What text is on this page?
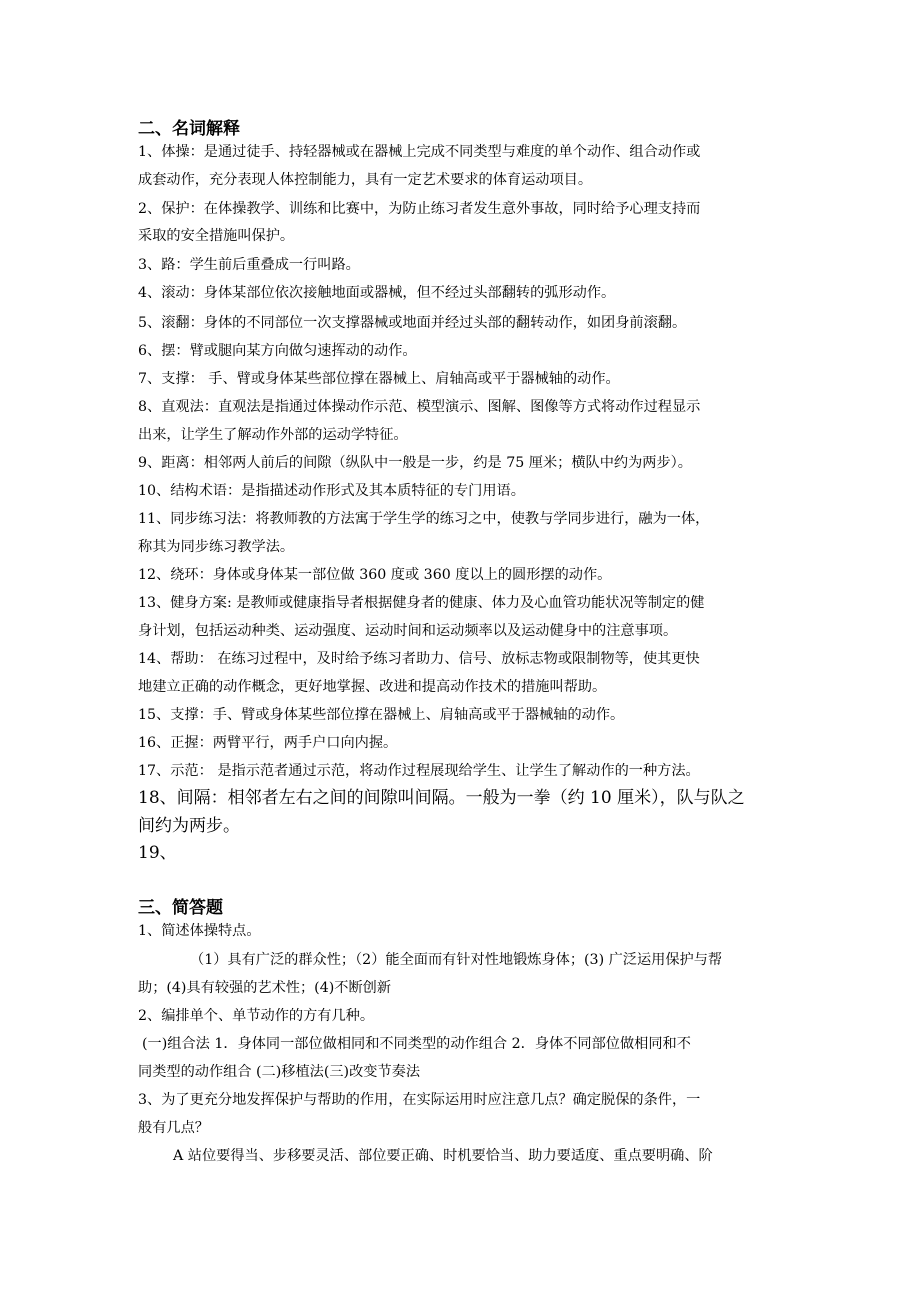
二、名词解释
1、体操：是通过徒手、持轻器械或在器械上完成不同类型与难度的单个动作、组合动作或
成套动作，充分表现人体控制能力，具有一定艺术要求的体育运动项目。
2、保护：在体操教学、训练和比赛中，为防止练习者发生意外事故，同时给予心理支持而
采取的安全措施叫保护。
3、路：学生前后重叠成一行叫路。
4、滚动：身体某部位依次接触地面或器械，但不经过头部翻转的弧形动作。
5、滚翻：身体的不同部位一次支撑器械或地面并经过头部的翻转动作，如团身前滚翻。
6、摆：臂或腿向某方向做匀速挥动的动作。
7、支撑： 手、臂或身体某些部位撑在器械上、肩轴高或平于器械轴的动作。
8、直观法：直观法是指通过体操动作示范、模型演示、图解、图像等方式将动作过程显示
出来，让学生了解动作外部的运动学特征。
9、距离：相邻两人前后的间隙（纵队中一般是一步，约是 75 厘米；横队中约为两步）。
10、结构术语：是指描述动作形式及其本质特征的专门用语。
11、同步练习法：将教师教的方法寓于学生学的练习之中，使教与学同步进行，融为一体，
称其为同步练习教学法。
12、绕环：身体或身体某一部位做 360 度或 360 度以上的圆形摆的动作。
13、健身方案: 是教师或健康指导者根据健身者的健康、体力及心血管功能状况等制定的健
身计划，包括运动种类、运动强度、运动时间和运动频率以及运动健身中的注意事项。
14、帮助： 在练习过程中，及时给予练习者助力、信号、放标志物或限制物等，使其更快
地建立正确的动作概念，更好地掌握、改进和提高动作技术的措施叫帮助。
15、支撑：手、臂或身体某些部位撑在器械上、肩轴高或平于器械轴的动作。
16、正握：两臂平行，两手户口向内握。
17、示范： 是指示范者通过示范，将动作过程展现给学生、让学生了解动作的一种方法。
18、间隔：相邻者左右之间的间隙叫间隔。一般为一拳（约 10 厘米），队与队之
间约为两步。
19、
三、简答题
1、简述体操特点。
（1）具有广泛的群众性；（2）能全面而有针对性地锻炼身体；(3) 广泛运用保护与帮
助；(4)具有较强的艺术性；(4)不断创新
2、编排单个、单节动作的方有几种。
(一)组合法 1．身体同一部位做相同和不同类型的动作组合 2．身体不同部位做相同和不
同类型的动作组合 (二)移植法(三)改变节奏法
3、为了更充分地发挥保护与帮助的作用，在实际运用时应注意几点？确定脱保的条件，一
般有几点？
A 站位要得当、步移要灵活、部位要正确、时机要恰当、助力要适度、重点要明确、阶
